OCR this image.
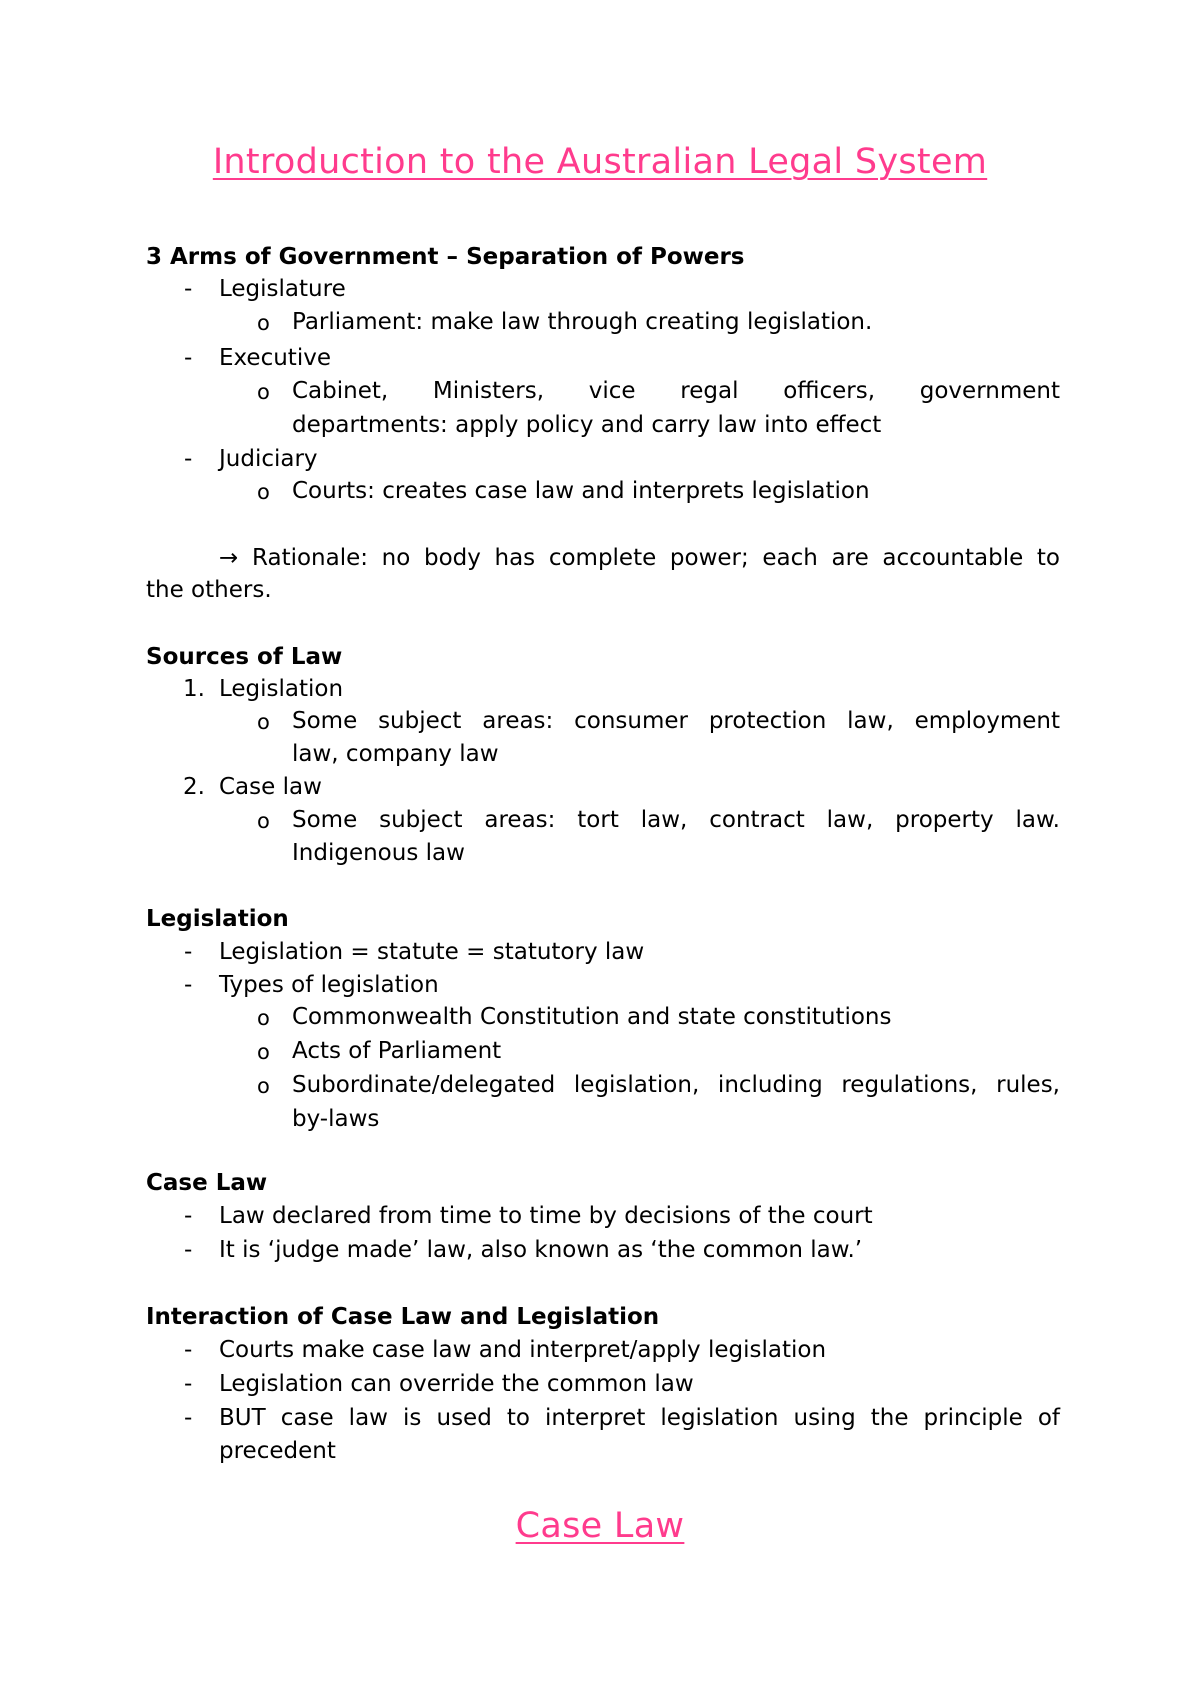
Introduction to the Australian Legal System
3 Arms of Government – Separation of Powers
- Legislature
o Parliament: make law through creating legislation.
- Executive
o Cabinet, Ministers, vice regal officers, government
departments: apply policy and carry law into effect
- Judiciary
o Courts: creates case law and interprets legislation
→ Rationale: no body has complete power; each are accountable to
the others.
Sources of Law
1. Legislation
o Some subject areas: consumer protection law, employment
law, company law
2. Case law
o Some subject areas: tort law, contract law, property law.
Indigenous law
Legislation
- Legislation = statute = statutory law
- Types of legislation
o Commonwealth Constitution and state constitutions
o Acts of Parliament
o Subordinate/delegated legislation, including regulations, rules,
by-laws
Case Law
- Law declared from time to time by decisions of the court
- It is ‘judge made’ law, also known as ‘the common law.’
Interaction of Case Law and Legislation
- Courts make case law and interpret/apply legislation
- Legislation can override the common law
- BUT case law is used to interpret legislation using the principle of
precedent
Case Law
